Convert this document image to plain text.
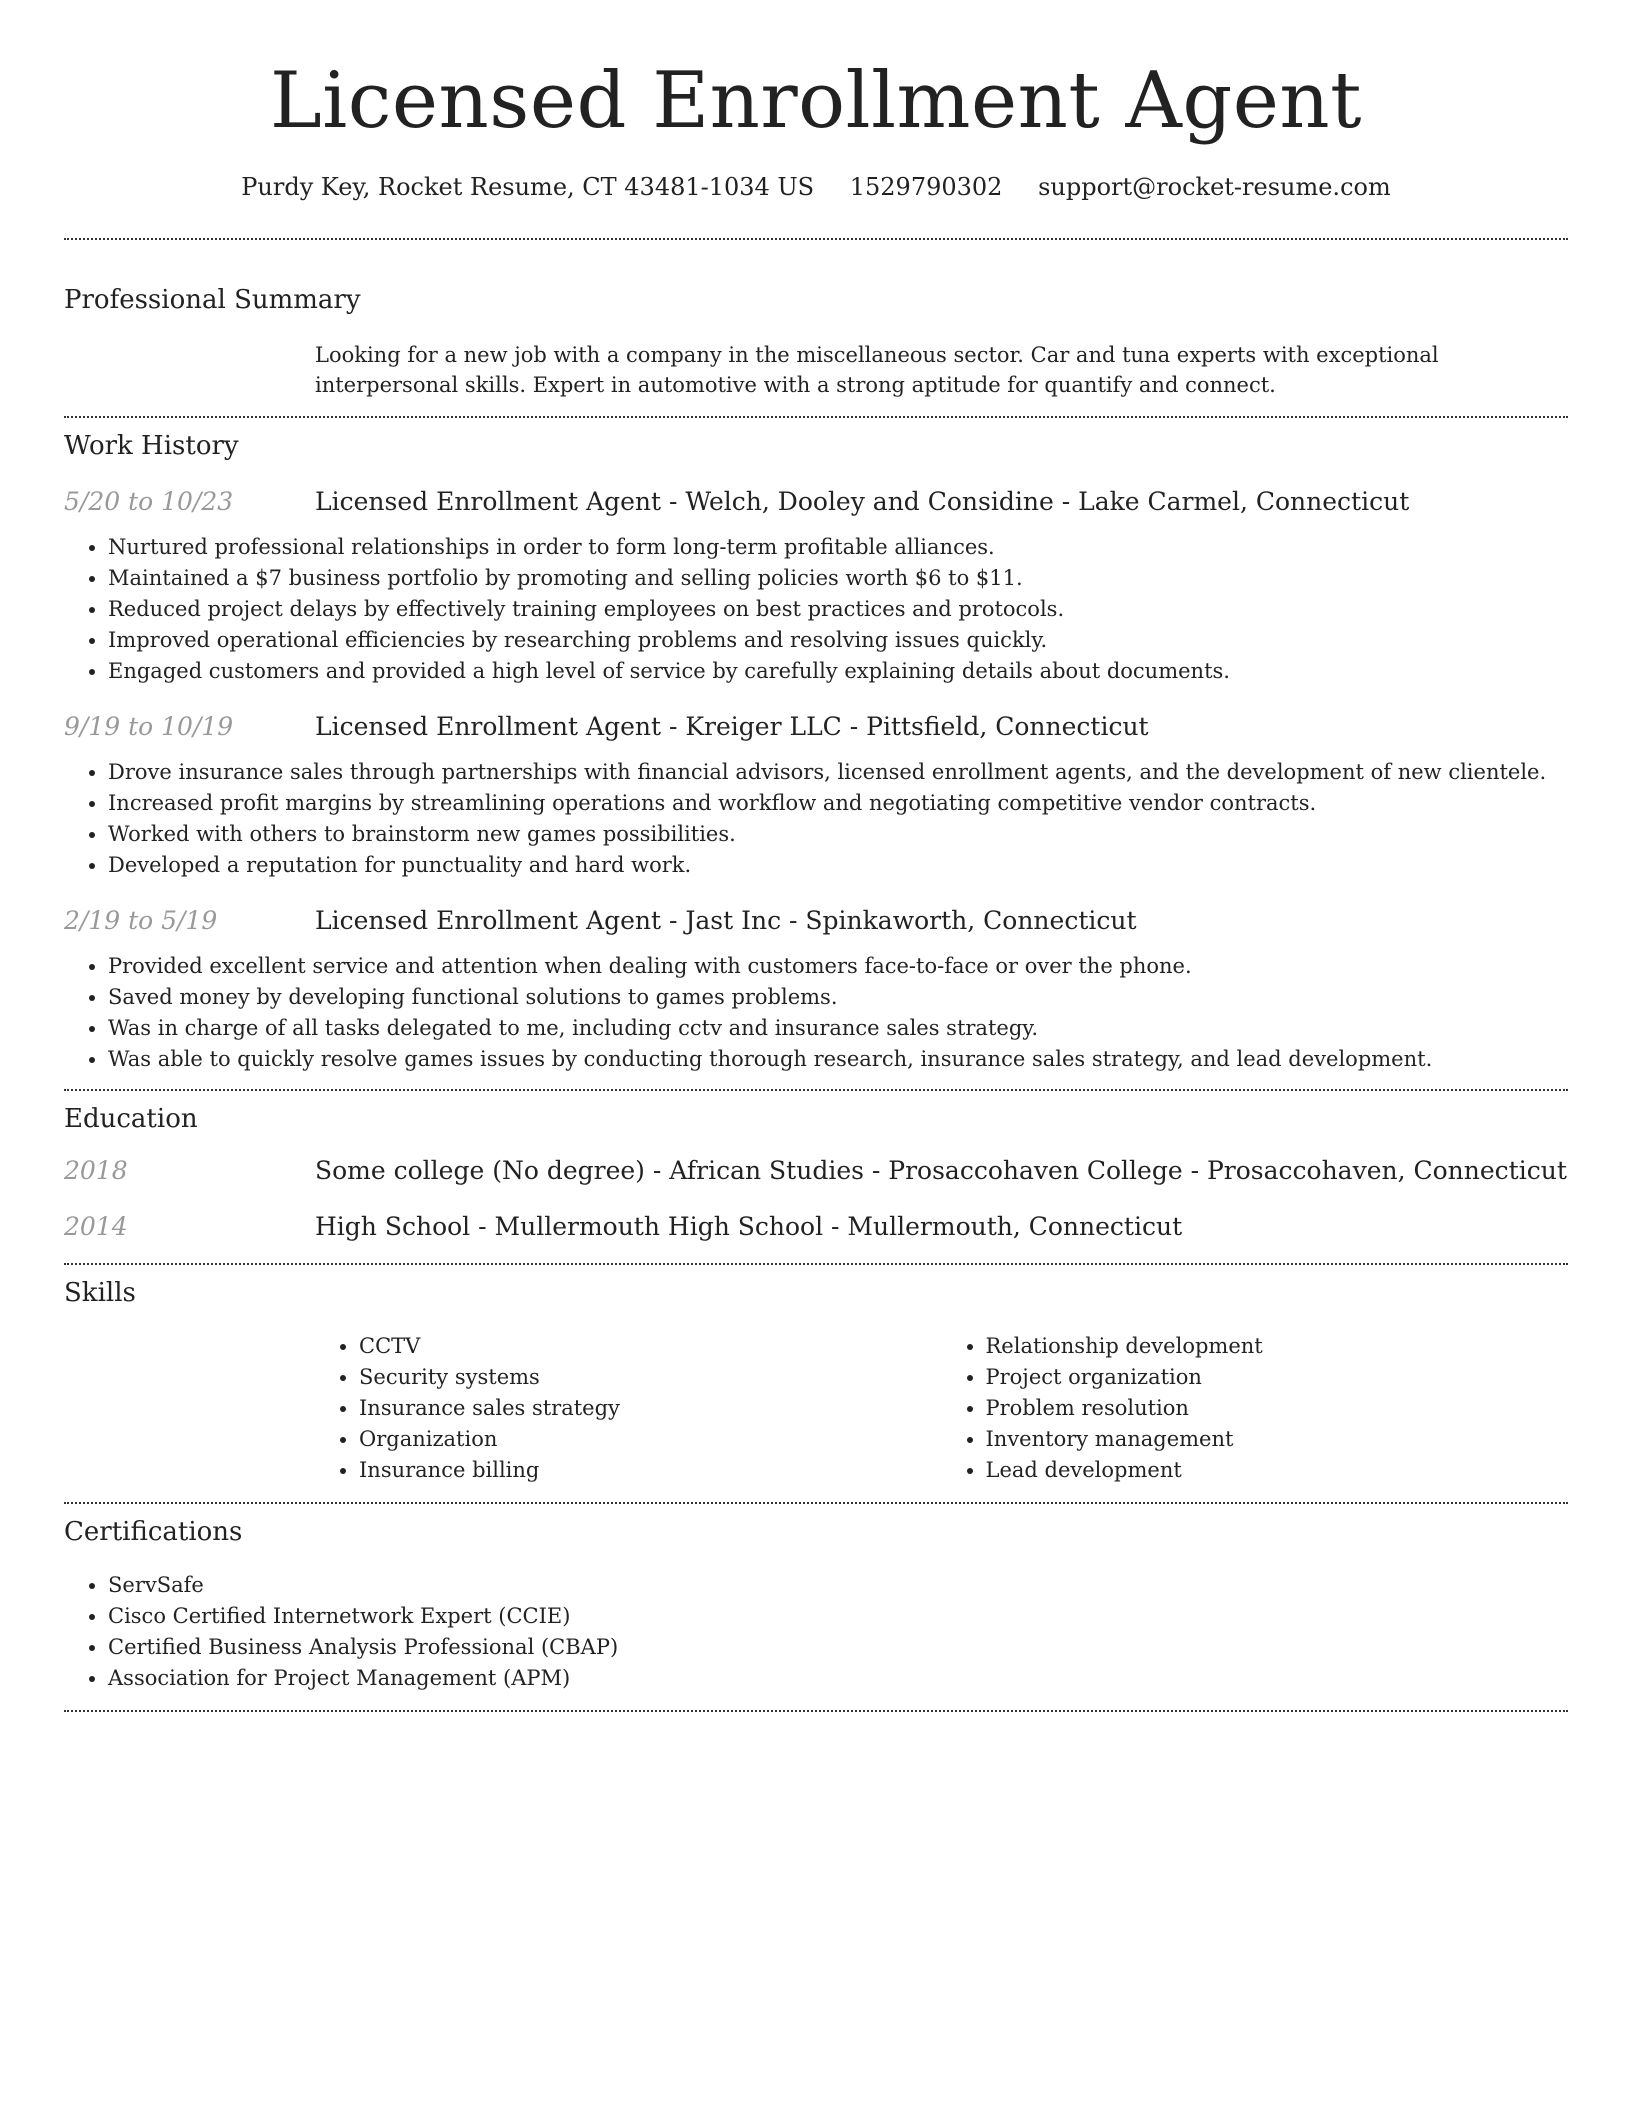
Licensed Enrollment Agent
Purdy Key, Rocket Resume, CT 43481-1034 US 1529790302 support@rocket-resume.com
Professional Summary
Looking for a new job with a company in the miscellaneous sector. Car and tuna experts with exceptional interpersonal skills. Expert in automotive with a strong aptitude for quantify and connect.
Work History
5/20 to 10/23	Licensed Enrollment Agent - Welch, Dooley and Considine - Lake Carmel, Connecticut
• Nurtured professional relationships in order to form long-term profitable alliances.
• Maintained a $7 business portfolio by promoting and selling policies worth $6 to $11.
• Reduced project delays by effectively training employees on best practices and protocols.
• Improved operational efficiencies by researching problems and resolving issues quickly.
• Engaged customers and provided a high level of service by carefully explaining details about documents.
9/19 to 10/19	Licensed Enrollment Agent - Kreiger LLC - Pittsfield, Connecticut
• Drove insurance sales through partnerships with financial advisors, licensed enrollment agents, and the development of new clientele.
• Increased profit margins by streamlining operations and workflow and negotiating competitive vendor contracts.
• Worked with others to brainstorm new games possibilities.
• Developed a reputation for punctuality and hard work.
2/19 to 5/19	Licensed Enrollment Agent - Jast Inc - Spinkaworth, Connecticut
• Provided excellent service and attention when dealing with customers face-to-face or over the phone.
• Saved money by developing functional solutions to games problems.
• Was in charge of all tasks delegated to me, including cctv and insurance sales strategy.
• Was able to quickly resolve games issues by conducting thorough research, insurance sales strategy, and lead development.
Education
2018	Some college (No degree) - African Studies - Prosaccohaven College - Prosaccohaven, Connecticut
2014	High School - Mullermouth High School - Mullermouth, Connecticut
Skills
• CCTV
• Security systems
• Insurance sales strategy
• Organization
• Insurance billing
• Relationship development
• Project organization
• Problem resolution
• Inventory management
• Lead development
Certifications
• ServSafe
• Cisco Certified Internetwork Expert (CCIE)
• Certified Business Analysis Professional (CBAP)
• Association for Project Management (APM)
